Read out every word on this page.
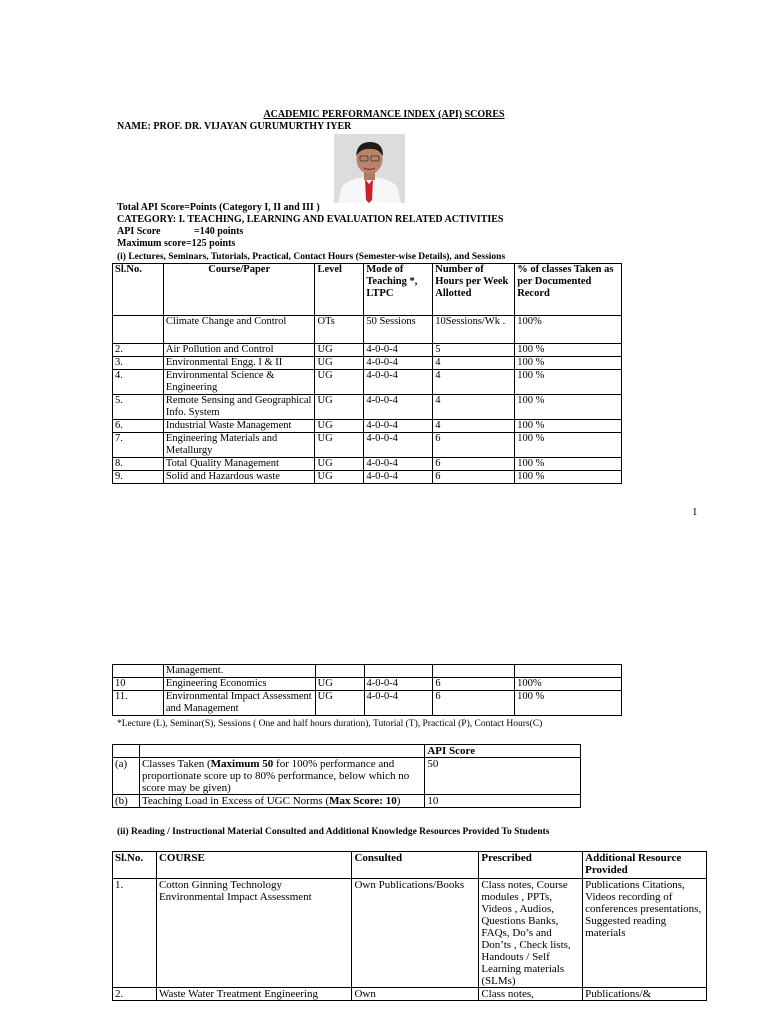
ACADEMIC PERFORMANCE INDEX (API) SCORES
NAME: PROF. DR. VIJAYAN GURUMURTHY IYER
Total API Score=Points (Category I, II and III )
CATEGORY: I. TEACHING, LEARNING AND EVALUATION RELATED ACTIVITIES
API Score	=140 points
Maximum score=125 points
(i) Lectures, Seminars, Tutorials, Practical, Contact Hours (Semester-wise Details), and Sessions
Sl.No.	Course/Paper	Level	Mode of Teaching *, LTPC	Number of Hours per Week Allotted	% of classes Taken as per Documented Record
	Climate Change and Control	OTs	50 Sessions	10Sessions/Wk .	100%
2.	Air Pollution and Control	UG	4-0-0-4	5	100 %
3.	Environmental Engg. I & II	UG	4-0-0-4	4	100 %
4.	Environmental Science & Engineering	UG	4-0-0-4	4	100 %
5.	Remote Sensing and Geographical Info. System	UG	4-0-0-4	4	100 %
6.	Industrial Waste Management	UG	4-0-0-4	4	100 %
7.	Engineering Materials and Metallurgy	UG	4-0-0-4	6	100 %
8.	Total Quality Management	UG	4-0-0-4	6	100 %
9.	Solid and Hazardous waste	UG	4-0-0-4	6	100 %
1
	Management.				
10	Engineering Economics	UG	4-0-0-4	6	100%
11.	Environmental Impact Assessment and Management	UG	4-0-0-4	6	100 %
*Lecture (L), Seminar(S), Sessions ( One and half hours duration), Tutorial (T), Practical (P), Contact Hours(C)
		API Score
(a)	Classes Taken (Maximum 50 for 100% performance and proportionate score up to 80% performance, below which no score may be given)	50
(b)	Teaching Load in Excess of UGC Norms (Max Score: 10)	10
(ii) Reading / Instructional Material Consulted and Additional Knowledge Resources Provided To Students
Sl.No.	COURSE	Consulted	Prescribed	Additional Resource Provided
1.	Cotton Ginning Technology Environmental Impact Assessment	Own Publications/Books	Class notes, Course modules , PPTs, Videos , Audios, Questions Banks, FAQs, Do’s and Don’ts , Check lists, Handouts / Self Learning materials (SLMs)	Publications Citations, Videos recording of conferences presentations, Suggested reading materials
2.	Waste Water Treatment Engineering	Own	Class notes,	Publications/&
